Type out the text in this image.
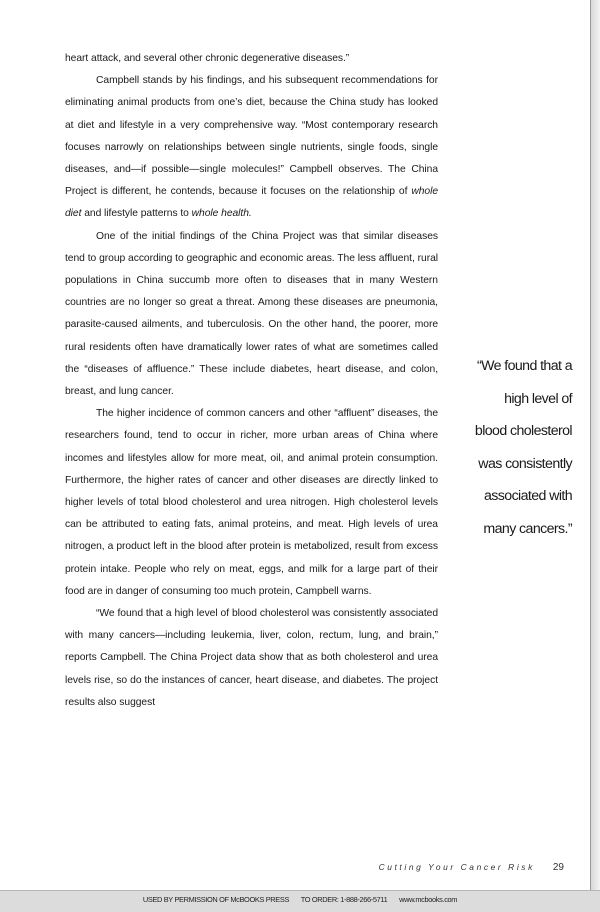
heart attack, and several other chronic degenerative diseases.”

Campbell stands by his findings, and his subsequent recommendations for eliminating animal products from one’s diet, because the China study has looked at diet and lifestyle in a very comprehensive way. “Most contemporary research focuses narrowly on relationships between single nutrients, single foods, single diseases, and—if possible—single molecules!” Campbell observes. The China Project is different, he contends, because it focuses on the relationship of whole diet and lifestyle patterns to whole health.

One of the initial findings of the China Project was that similar diseases tend to group according to geographic and economic areas. The less affluent, rural populations in China succumb more often to diseases that in many Western countries are no longer so great a threat. Among these diseases are pneumonia, parasite-caused ailments, and tuberculosis. On the other hand, the poorer, more rural residents often have dramatically lower rates of what are sometimes called the “diseases of affluence.” These include diabetes, heart disease, and colon, breast, and lung cancer.

The higher incidence of common cancers and other “affluent” diseases, the researchers found, tend to occur in richer, more urban areas of China where incomes and lifestyles allow for more meat, oil, and animal protein consumption. Furthermore, the higher rates of cancer and other diseases are directly linked to higher levels of total blood cholesterol and urea nitrogen. High cholesterol levels can be attributed to eating fats, animal proteins, and meat. High levels of urea nitrogen, a product left in the blood after protein is metabolized, result from excess protein intake. People who rely on meat, eggs, and milk for a large part of their food are in danger of consuming too much protein, Campbell warns.

“We found that a high level of blood cholesterol was consistently associated with many cancers—including leukemia, liver, colon, rectum, lung, and brain,” reports Campbell. The China Project data show that as both cholesterol and urea levels rise, so do the instances of cancer, heart disease, and diabetes. The project results also suggest

“We found that a
high level of
blood cholesterol
was consistently
associated with
many cancers.”
Cutting Your Cancer Risk 29
USED BY PERMISSION OF McBOOKS PRESS TO ORDER: 1-888-266-5711 www.mcbooks.com
